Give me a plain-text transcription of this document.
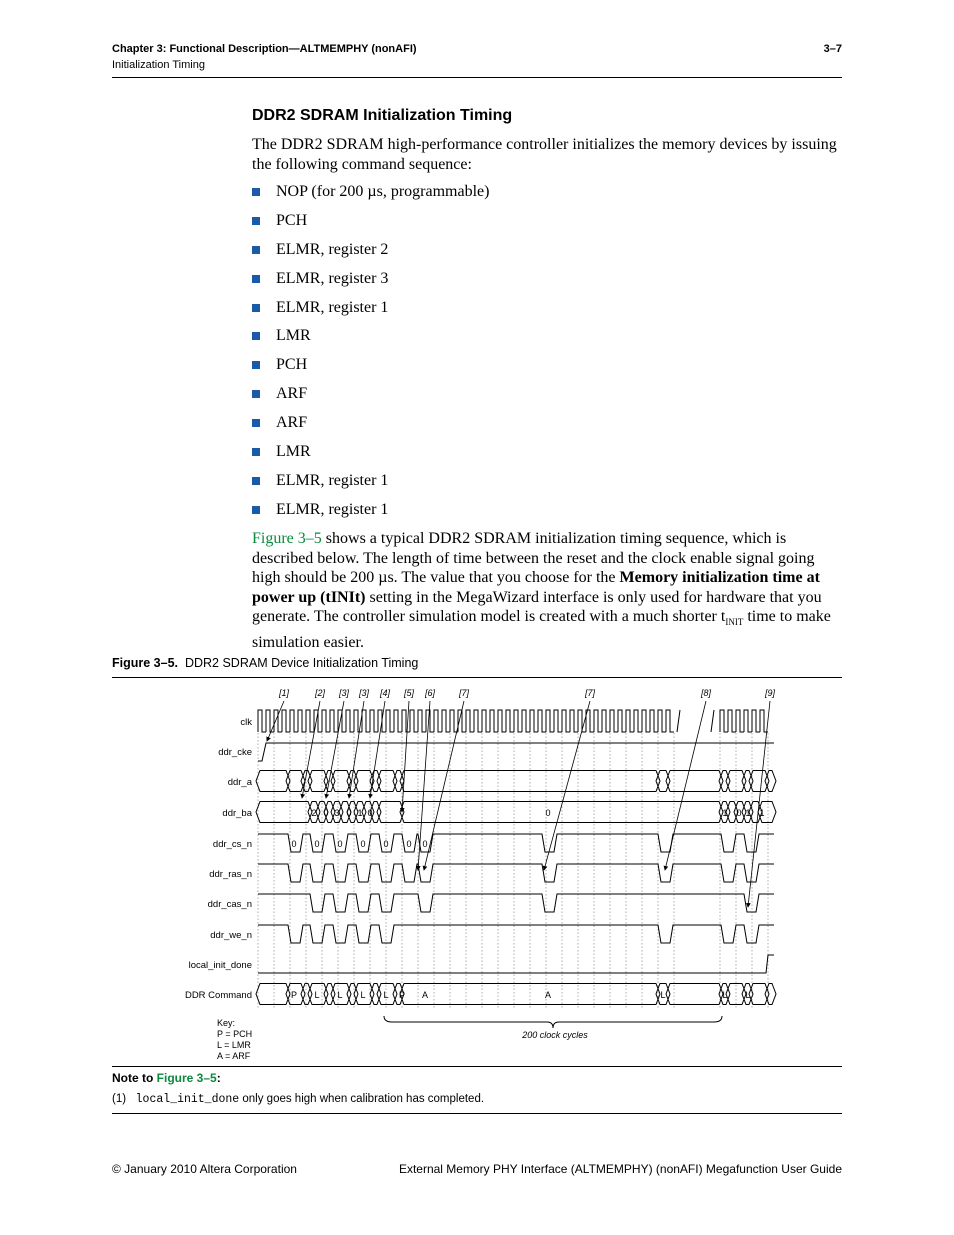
Chapter 3: Functional Description—ALTMEMPHY (nonAFI)
Initialization Timing
3–7
DDR2 SDRAM Initialization Timing
The DDR2 SDRAM high-performance controller initializes the memory devices by issuing the following command sequence:
NOP (for 200 µs, programmable)
PCH
ELMR, register 2
ELMR, register 3
ELMR, register 1
LMR
PCH
ARF
ARF
LMR
ELMR, register 1
ELMR, register 1
Figure 3–5 shows a typical DDR2 SDRAM initialization timing sequence, which is described below. The length of time between the reset and the clock enable signal going high should be 200 µs. The value that you choose for the Memory initialization time at power up (tINIt) setting in the MegaWizard interface is only used for hardware that you generate. The controller simulation model is created with a much shorter $t_{INIT}$ time to make simulation easier.
Figure 3–5. DDR2 SDRAM Device Initialization Timing
clk
ddr_cke
ddr_a
ddr_ba
ddr_cs_n
ddr_ras_n
ddr_cas_n
ddr_we_n
local_init_done
DDR Command
2 0 3 0 1 0	0	1 0 1 1
0 0 0 0 0 0 0
P L L L L P A	A	L	L L
[1]	[2] [3] [3] [4] [5] [6]	[7]	[7]	[8]	[9]
200 clock cycles
Key:
P = PCH
L = LMR
A = ARF
Note to Figure 3–5:
(1) local_init_done only goes high when calibration has completed.
© January 2010 Altera Corporation	External Memory PHY Interface (ALTMEMPHY) (nonAFI) Megafunction User Guide
